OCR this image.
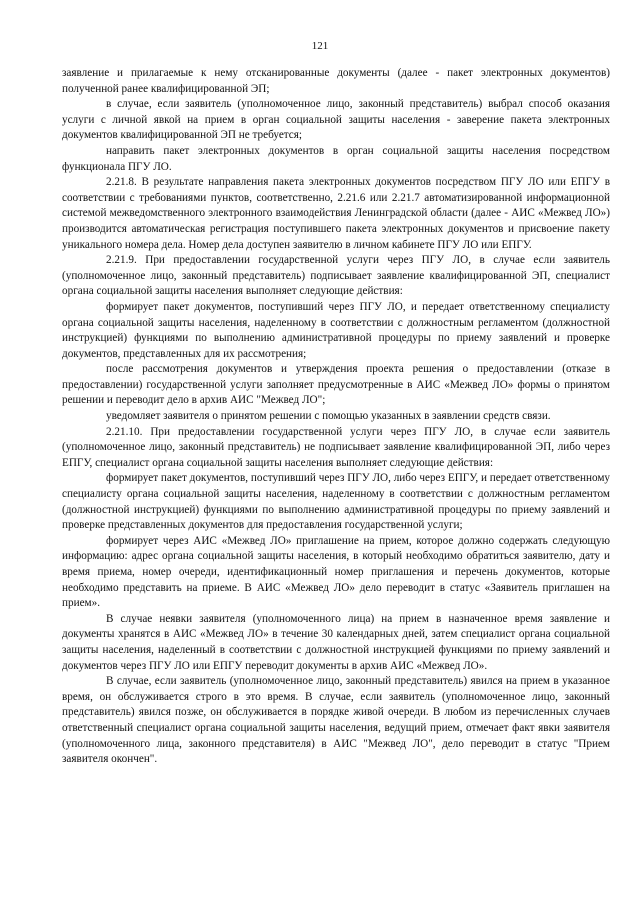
121

заявление и прилагаемые к нему отсканированные документы (далее - пакет электронных документов) полученной ранее квалифицированной ЭП;

в случае, если заявитель (уполномоченное лицо, законный представитель) выбрал способ оказания услуги с личной явкой на прием в орган социальной защиты населения - заверение пакета электронных документов квалифицированной ЭП не требуется;

направить пакет электронных документов в орган социальной защиты населения посредством функционала ПГУ ЛО.

2.21.8. В результате направления пакета электронных документов посредством ПГУ ЛО или ЕПГУ в соответствии с требованиями пунктов, соответственно, 2.21.6 или 2.21.7 автоматизированной информационной системой межведомственного электронного взаимодействия Ленинградской области (далее - АИС «Межвед ЛО») производится автоматическая регистрация поступившего пакета электронных документов и присвоение пакету уникального номера дела. Номер дела доступен заявителю в личном кабинете ПГУ ЛО или ЕПГУ.

2.21.9. При предоставлении государственной услуги через ПГУ ЛО, в случае если заявитель (уполномоченное лицо, законный представитель) подписывает заявление квалифицированной ЭП, специалист органа социальной защиты населения выполняет следующие действия:

формирует пакет документов, поступивший через ПГУ ЛО, и передает ответственному специалисту органа социальной защиты населения, наделенному в соответствии с должностным регламентом (должностной инструкцией) функциями по выполнению административной процедуры по приему заявлений и проверке документов, представленных для их рассмотрения;

после рассмотрения документов и утверждения проекта решения о предоставлении (отказе в предоставлении) государственной услуги заполняет предусмотренные в АИС «Межвед ЛО» формы о принятом решении и переводит дело в архив АИС "Межвед ЛО";

уведомляет заявителя о принятом решении с помощью указанных в заявлении средств связи.

2.21.10. При предоставлении государственной услуги через ПГУ ЛО, в случае если заявитель (уполномоченное лицо, законный представитель) не подписывает заявление квалифицированной ЭП, либо через ЕПГУ, специалист органа социальной защиты населения выполняет следующие действия:

формирует пакет документов, поступивший через ПГУ ЛО, либо через ЕПГУ, и передает ответственному специалисту органа социальной защиты населения, наделенному в соответствии с должностным регламентом (должностной инструкцией) функциями по выполнению административной процедуры по приему заявлений и проверке представленных документов для предоставления государственной услуги;

формирует через АИС «Межвед ЛО» приглашение на прием, которое должно содержать следующую информацию: адрес органа социальной защиты населения, в который необходимо обратиться заявителю, дату и время приема, номер очереди, идентификационный номер приглашения и перечень документов, которые необходимо представить на приеме. В АИС «Межвед ЛО» дело переводит в статус «Заявитель приглашен на прием».

В случае неявки заявителя (уполномоченного лица) на прием в назначенное время заявление и документы хранятся в АИС «Межвед ЛО» в течение 30 календарных дней, затем специалист органа социальной защиты населения, наделенный в соответствии с должностной инструкцией функциями по приему заявлений и документов через ПГУ ЛО или ЕПГУ переводит документы в архив АИС «Межвед ЛО».

В случае, если заявитель (уполномоченное лицо, законный представитель) явился на прием в указанное время, он обслуживается строго в это время. В случае, если заявитель (уполномоченное лицо, законный представитель) явился позже, он обслуживается в порядке живой очереди. В любом из перечисленных случаев ответственный специалист органа социальной защиты населения, ведущий прием, отмечает факт явки заявителя (уполномоченного лица, законного представителя) в АИС "Межвед ЛО", дело переводит в статус "Прием заявителя окончен".
